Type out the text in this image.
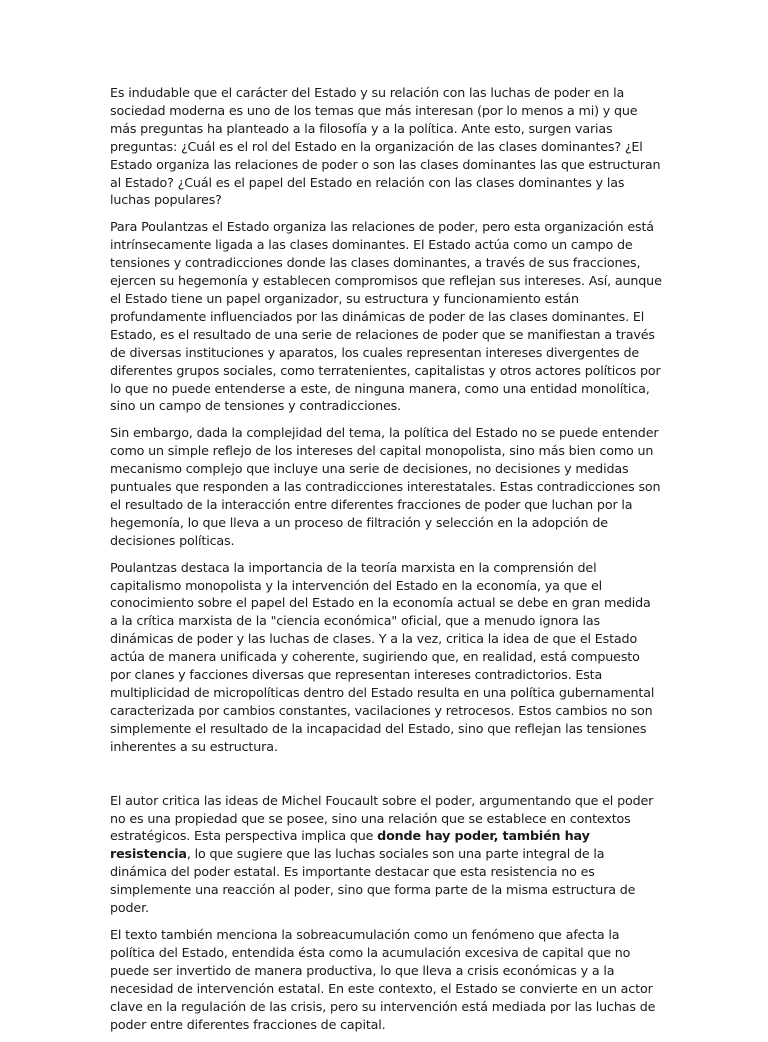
Es indudable que el carácter del Estado y su relación con las luchas de poder en la sociedad moderna es uno de los temas que más interesan (por lo menos a mi) y que más preguntas ha planteado a la filosofía y a la política. Ante esto, surgen varias preguntas: ¿Cuál es el rol del Estado en la organización de las clases dominantes? ¿El Estado organiza las relaciones de poder o son las clases dominantes las que estructuran al Estado? ¿Cuál es el papel del Estado en relación con las clases dominantes y las luchas populares?

Para Poulantzas el Estado organiza las relaciones de poder, pero esta organización está intrínsecamente ligada a las clases dominantes. El Estado actúa como un campo de tensiones y contradicciones donde las clases dominantes, a través de sus fracciones, ejercen su hegemonía y establecen compromisos que reflejan sus intereses. Así, aunque el Estado tiene un papel organizador, su estructura y funcionamiento están profundamente influenciados por las dinámicas de poder de las clases dominantes. El Estado, es el resultado de una serie de relaciones de poder que se manifiestan a través de diversas instituciones y aparatos, los cuales representan intereses divergentes de diferentes grupos sociales, como terratenientes, capitalistas y otros actores políticos por lo que no puede entenderse a este, de ninguna manera, como una entidad monolítica, sino un campo de tensiones y contradicciones.

Sin embargo, dada la complejidad del tema, la política del Estado no se puede entender como un simple reflejo de los intereses del capital monopolista, sino más bien como un mecanismo complejo que incluye una serie de decisiones, no decisiones y medidas puntuales que responden a las contradicciones interestatales. Estas contradicciones son el resultado de la interacción entre diferentes fracciones de poder que luchan por la hegemonía, lo que lleva a un proceso de filtración y selección en la adopción de decisiones políticas.

Poulantzas destaca la importancia de la teoría marxista en la comprensión del capitalismo monopolista y la intervención del Estado en la economía, ya que el conocimiento sobre el papel del Estado en la economía actual se debe en gran medida a la crítica marxista de la "ciencia económica" oficial, que a menudo ignora las dinámicas de poder y las luchas de clases. Y a la vez, critica la idea de que el Estado actúa de manera unificada y coherente, sugiriendo que, en realidad, está compuesto por clanes y facciones diversas que representan intereses contradictorios. Esta multiplicidad de micropolíticas dentro del Estado resulta en una política gubernamental caracterizada por cambios constantes, vacilaciones y retrocesos. Estos cambios no son simplemente el resultado de la incapacidad del Estado, sino que reflejan las tensiones inherentes a su estructura.

El autor critica las ideas de Michel Foucault sobre el poder, argumentando que el poder no es una propiedad que se posee, sino una relación que se establece en contextos estratégicos. Esta perspectiva implica que donde hay poder, también hay resistencia, lo que sugiere que las luchas sociales son una parte integral de la dinámica del poder estatal. Es importante destacar que esta resistencia no es simplemente una reacción al poder, sino que forma parte de la misma estructura de poder.

El texto también menciona la sobreacumulación como un fenómeno que afecta la política del Estado, entendida ésta como la acumulación excesiva de capital que no puede ser invertido de manera productiva, lo que lleva a crisis económicas y a la necesidad de intervención estatal. En este contexto, el Estado se convierte en un actor clave en la regulación de las crisis, pero su intervención está mediada por las luchas de poder entre diferentes fracciones de capital.
